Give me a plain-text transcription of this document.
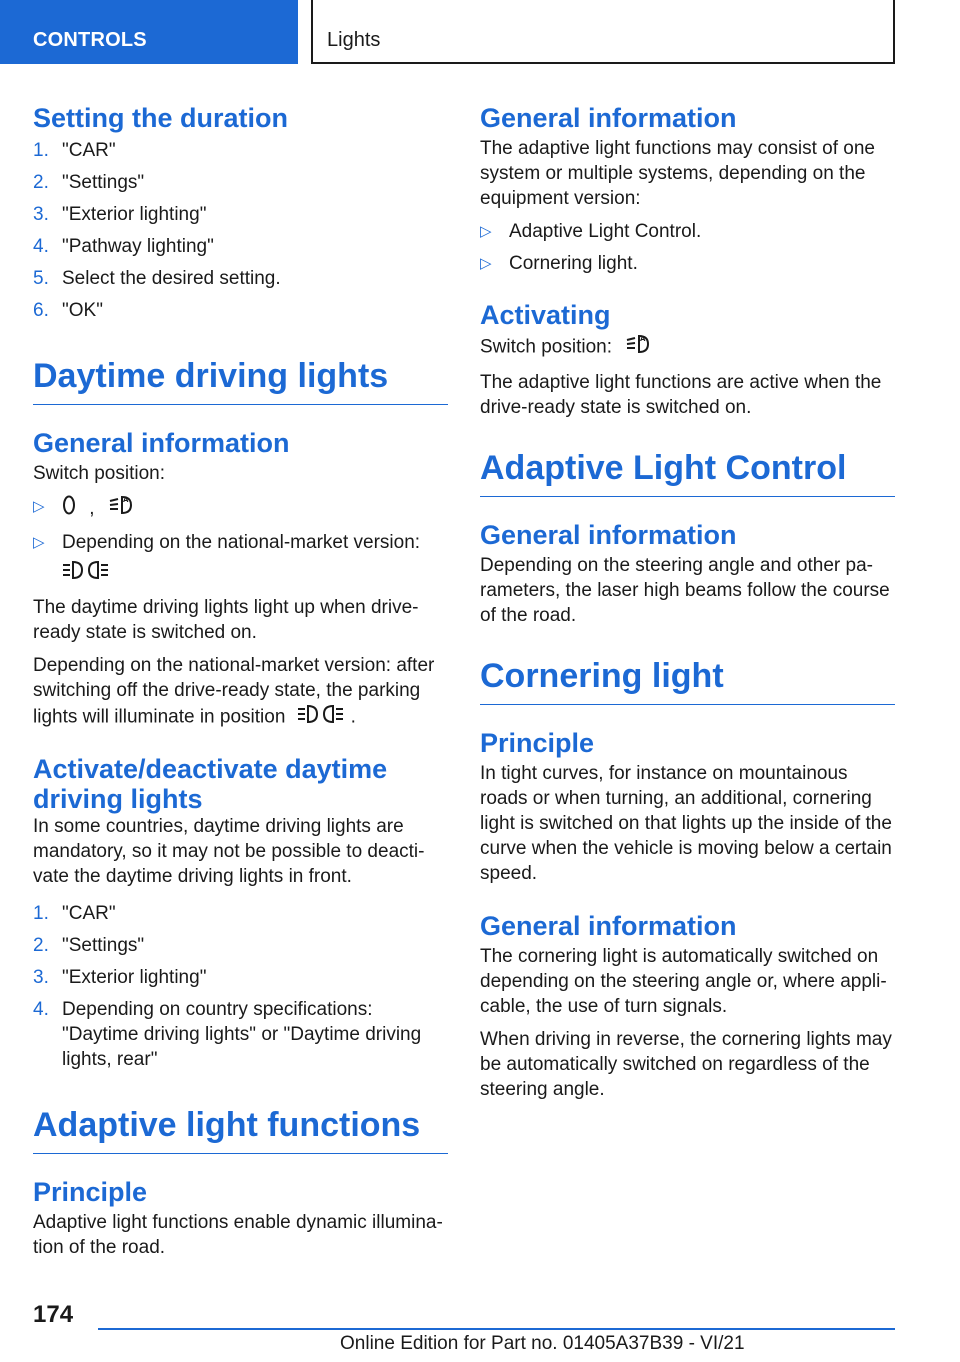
CONTROLS	Lights
Setting the duration
1. "CAR"
2. "Settings"
3. "Exterior lighting"
4. "Pathway lighting"
5. Select the desired setting.
6. "OK"
Daytime driving lights
General information

Switch position:

▷ ,	A
▷ Depending on the national-market version:

The daytime driving lights light up when drive-ready state is switched on.

Depending on the national-market version: after switching off the drive-ready state, the parking lights will illuminate in position	.

Activate/deactivate daytime driving lights

In some countries, daytime driving lights are mandatory, so it may not be possible to deacti-vate the daytime driving lights in front.

1. "CAR"
2. "Settings"
3. "Exterior lighting"
4. Depending on country specifications: "Daytime driving lights" or "Daytime driving lights, rear"
Adaptive light functions
Principle

Adaptive light functions enable dynamic illumina-tion of the road.

General information

The adaptive light functions may consist of one system or multiple systems, depending on the equipment version:

▷ Adaptive Light Control.
▷ Cornering light.
Activating

Switch position:	A

The adaptive light functions are active when the drive-ready state is switched on.

Adaptive Light Control
General information

Depending on the steering angle and other pa-rameters, the laser high beams follow the course of the road.

Cornering light
Principle

In tight curves, for instance on mountainous roads or when turning, an additional, cornering light is switched on that lights up the inside of the curve when the vehicle is moving below a certain speed.

General information

The cornering light is automatically switched on depending on the steering angle or, where appli-cable, the use of turn signals.

When driving in reverse, the cornering lights may be automatically switched on regardless of the steering angle.

174
Online Edition for Part no. 01405A37B39 - VI/21
